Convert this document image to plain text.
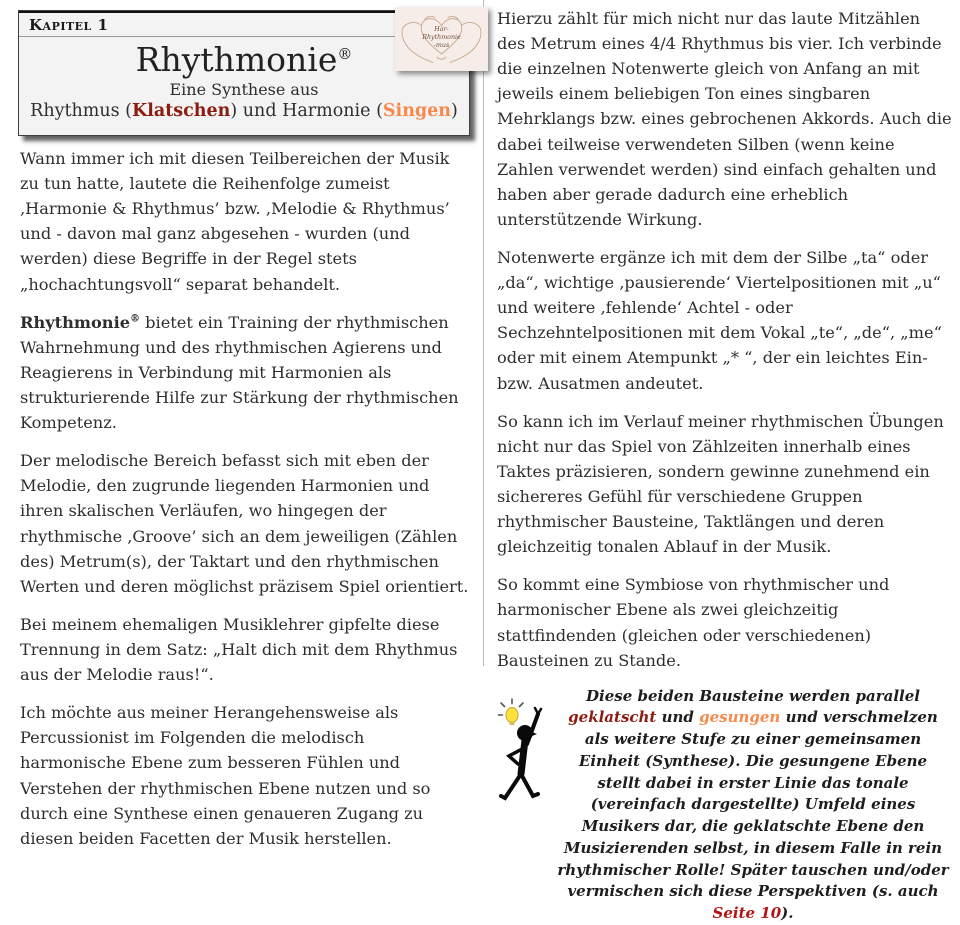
Kapitel 1
Rhythmonie®
Eine Synthese aus
Rhythmus (Klatschen) und Harmonie (Singen)
Har-
Rhythmonie
-mus

Wann immer ich mit diesen Teilbereichen der Musik zu tun hatte, lautete die Reihenfolge zumeist ‚Harmonie & Rhythmus’ bzw. ‚Melodie & Rhythmus’ und - davon mal ganz abgesehen - wurden (und werden) diese Begriffe in der Regel stets „hochachtungsvoll“ separat behandelt.

Rhythmonie® bietet ein Training der rhythmischen Wahrnehmung und des rhythmischen Agierens und Reagierens in Verbindung mit Harmonien als strukturierende Hilfe zur Stärkung der rhythmischen Kompetenz.

Der melodische Bereich befasst sich mit eben der Melodie, den zugrunde liegenden Harmonien und ihren skalischen Verläufen, wo hingegen der rhythmische ‚Groove’ sich an dem jeweiligen (Zählen des) Metrum(s), der Taktart und den rhythmischen Werten und deren möglichst präzisem Spiel orientiert.

Bei meinem ehemaligen Musiklehrer gipfelte diese Trennung in dem Satz: „Halt dich mit dem Rhythmus aus der Melodie raus!“.

Ich möchte aus meiner Herangehensweise als Percussionist im Folgenden die melodisch harmonische Ebene zum besseren Fühlen und Verstehen der rhythmischen Ebene nutzen und so durch eine Synthese einen genaueren Zugang zu diesen beiden Facetten der Musik herstellen.

Hierzu zählt für mich nicht nur das laute Mitzählen des Metrum eines 4/4 Rhythmus bis vier. Ich verbinde die einzelnen Notenwerte gleich von Anfang an mit jeweils einem beliebigen Ton eines singbaren Mehrklangs bzw. eines gebrochenen Akkords. Auch die dabei teilweise verwendeten Silben (wenn keine Zahlen verwendet werden) sind einfach gehalten und haben aber gerade dadurch eine erheblich unterstützende Wirkung.

Notenwerte ergänze ich mit dem der Silbe „ta“ oder „da“, wichtige ‚pausierende‘ Viertelpositionen mit „u“ und weitere ‚fehlende‘ Achtel - oder Sechzehntelpositionen mit dem Vokal „te“, „de“, „me“ oder mit einem Atempunkt „* “, der ein leichtes Ein- bzw. Ausatmen andeutet.

So kann ich im Verlauf meiner rhythmischen Übungen nicht nur das Spiel von Zählzeiten innerhalb eines Taktes präzisieren, sondern gewinne zunehmend ein sichereres Gefühl für verschiedene Gruppen rhythmischer Bausteine, Taktlängen und deren gleichzeitig tonalen Ablauf in der Musik.

So kommt eine Symbiose von rhythmischer und harmonischer Ebene als zwei gleichzeitig stattfindenden (gleichen oder verschiedenen) Bausteinen zu Stande.

Diese beiden Bausteine werden parallel geklatscht und gesungen und verschmelzen als weitere Stufe zu einer gemeinsamen Einheit (Synthese). Die gesungene Ebene stellt dabei in erster Linie das tonale (vereinfach dargestellte) Umfeld eines Musikers dar, die geklatschte Ebene den Musizierenden selbst, in diesem Falle in rein rhythmischer Rolle! Später tauschen und/oder vermischen sich diese Perspektiven (s. auch Seite 10).
